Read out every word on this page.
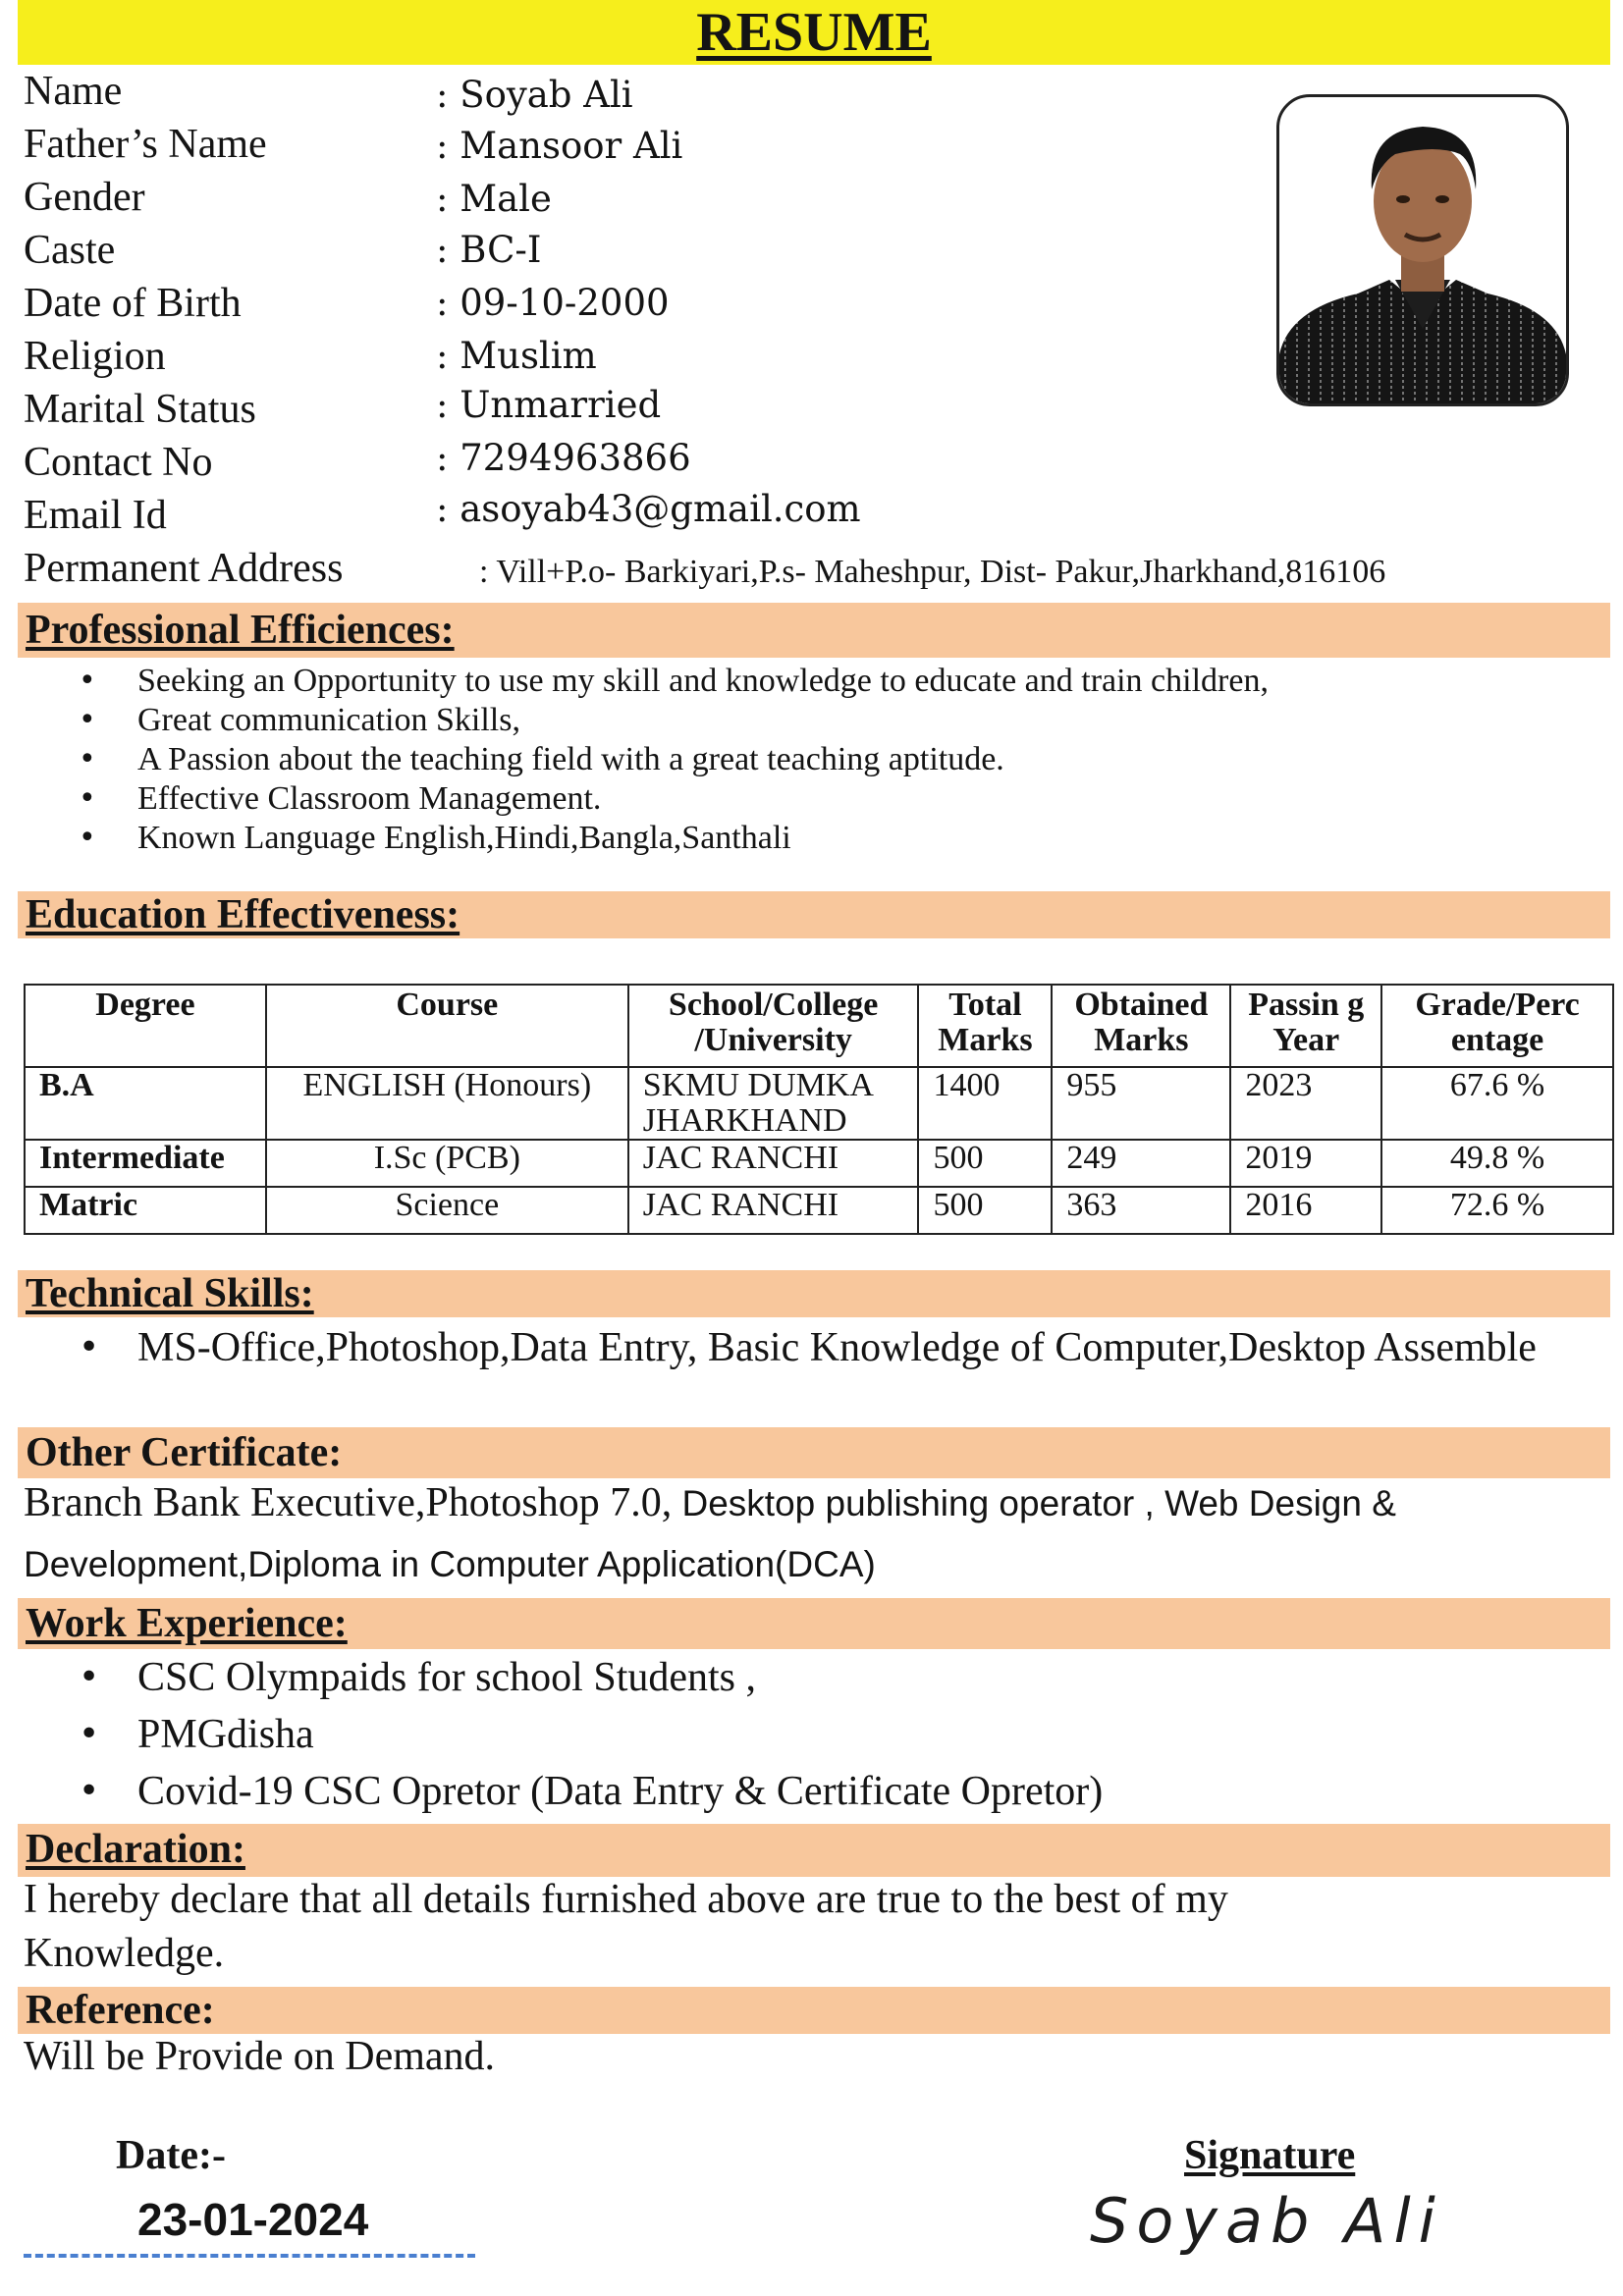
RESUME
Name	: Soyab Ali
Father’s Name	: Mansoor Ali
Gender	: Male
Caste	: BC-I
Date of Birth	: 09-10-2000
Religion	: Muslim
Marital Status	: Unmarried
Contact No	: 7294963866
Email Id	: asoyab43@gmail.com
Permanent Address	: Vill+P.o- Barkiyari,P.s- Maheshpur, Dist- Pakur,Jharkhand,816106
Professional Efficiences:
• Seeking an Opportunity to use my skill and knowledge to educate and train children,
• Great communication Skills,
• A Passion about the teaching field with a great teaching aptitude.
• Effective Classroom Management.
• Known Language English,Hindi,Bangla,Santhali
Education Effectiveness:
Degree	Course	School/College /University	Total Marks	Obtained Marks	Passin g Year	Grade/Perc entage
B.A	ENGLISH (Honours)	SKMU DUMKA JHARKHAND	1400	955	2023	67.6 %
Intermediate	I.Sc (PCB)	JAC RANCHI	500	249	2019	49.8 %
Matric	Science	JAC RANCHI	500	363	2016	72.6 %
Technical Skills:
• MS-Office,Photoshop,Data Entry, Basic Knowledge of Computer,Desktop Assemble
Other Certificate:
Branch Bank Executive,Photoshop 7.0, Desktop publishing operator , Web Design & Development,Diploma in Computer Application(DCA)
Work Experience:
• CSC Olympaids for school Students ,
• PMGdisha
• Covid-19 CSC Opretor (Data Entry & Certificate Opretor)
Declaration:
I hereby declare that all details furnished above are true to the best of my Knowledge.
Reference:
Will be Provide on Demand.
Date:-
23-01-2024
Signature
Soyab Ali
